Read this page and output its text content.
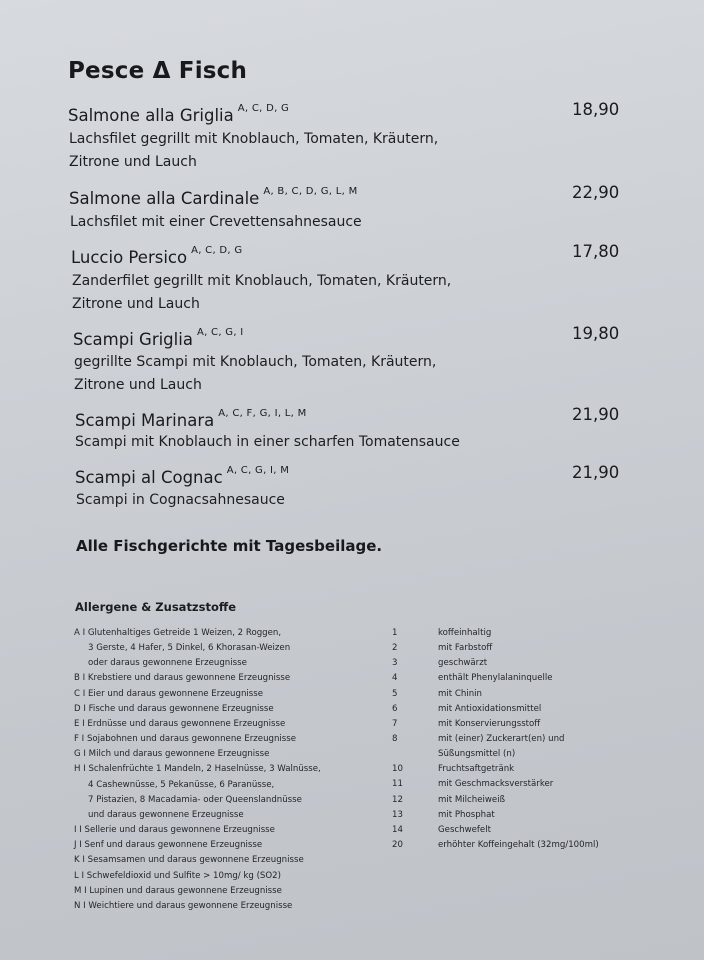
Pesce Δ Fisch
Salmone alla Griglia $^{A, C, D, G}$	18,90
Lachsfilet gegrillt mit Knoblauch, Tomaten, Kräutern,
Zitrone und Lauch
Salmone alla Cardinale $^{A, B, C, D, G, L, M}$	22,90
Lachsfilet mit einer Crevettensahnesauce
Luccio Persico $^{A, C, D, G}$	17,80
Zanderfilet gegrillt mit Knoblauch, Tomaten, Kräutern,
Zitrone und Lauch
Scampi Griglia $^{A, C, G, I}$	19,80
gegrillte Scampi mit Knoblauch, Tomaten, Kräutern,
Zitrone und Lauch
Scampi Marinara $^{A, C, F, G, I, L, M}$	21,90
Scampi mit Knoblauch in einer scharfen Tomatensauce
Scampi al Cognac $^{A, C, G, I, M}$	21,90
Scampi in Cognacsahnesauce
Alle Fischgerichte mit Tagesbeilage.
Allergene & Zusatzstoffe
A I Glutenhaltiges Getreide 1 Weizen, 2 Roggen,
3 Gerste, 4 Hafer, 5 Dinkel, 6 Khorasan-Weizen
oder daraus gewonnene Erzeugnisse
B I Krebstiere und daraus gewonnene Erzeugnisse
C I Eier und daraus gewonnene Erzeugnisse
D I Fische und daraus gewonnene Erzeugnisse
E I Erdnüsse und daraus gewonnene Erzeugnisse
F I Sojabohnen und daraus gewonnene Erzeugnisse
G I Milch und daraus gewonnene Erzeugnisse
H I Schalenfrüchte 1 Mandeln, 2 Haselnüsse, 3 Walnüsse,
4 Cashewnüsse, 5 Pekanüsse, 6 Paranüsse,
7 Pistazien, 8 Macadamia- oder Queenslandnüsse
und daraus gewonnene Erzeugnisse
I I Sellerie und daraus gewonnene Erzeugnisse
J I Senf und daraus gewonnene Erzeugnisse
K I Sesamsamen und daraus gewonnene Erzeugnisse
L I Schwefeldioxid und Sulfite > 10mg/ kg (SO2)
M I Lupinen und daraus gewonnene Erzeugnisse
N I Weichtiere und daraus gewonnene Erzeugnisse
1	koffeinhaltig
2	mit Farbstoff
3	geschwärzt
4	enthält Phenylalaninquelle
5	mit Chinin
6	mit Antioxidationsmittel
7	mit Konservierungsstoff
8	mit (einer) Zuckerart(en) und
Süßungsmittel (n)
10	Fruchtsaftgetränk
11	mit Geschmacksverstärker
12	mit Milcheiweiß
13	mit Phosphat
14	Geschwefelt
20	erhöhter Koffeingehalt (32mg/100ml)
